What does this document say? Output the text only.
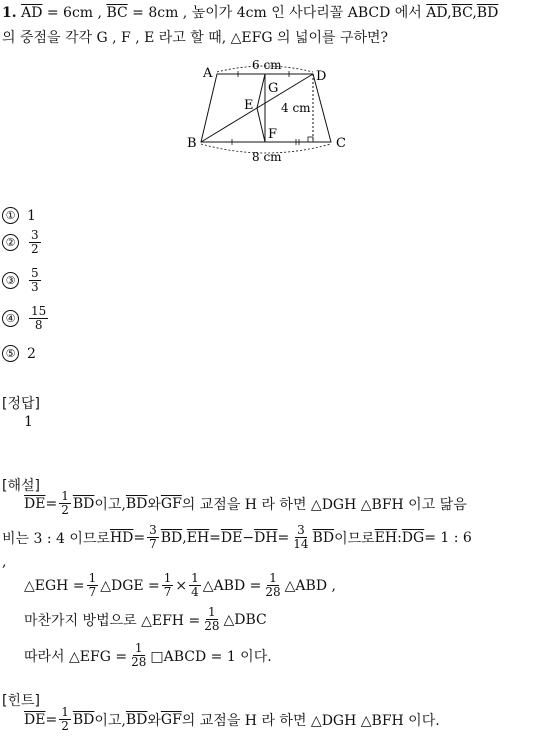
1. $\overline{AD} = 6cm$ , $\overline{BC} = 8cm$ , 높이가 4cm 인 사다리꼴 ABCD 에서 $\overline{AD},\overline{BC},\overline{BD}$
의 중점을 각각 G , F , E 라고 할 때, △EFG 의 넓이를 구하면?
A	D
B	C
E
F
G
6 cm
8 cm
4 cm
① 1
② $\frac{3}{2}$
③ $\frac{5}{3}$
④ $\frac{15}{8}$
⑤ 2
[정답]
1
[해설]
$\overline{DE} = \frac{1}{2} \overline{BD}$ 이고, $\overline{BD}$ 와 $\overline{GF}$ 의 교점을 H 라 하면 △DGH △BFH 이고 닮음
비는 3 : 4 이므로 $\overline{HD} = \frac{3}{7} \overline{BD}$ , $\overline{EH} = \overline{DE} - \overline{DH} = \frac{3}{14} \overline{BD}$ 이므로 $\overline{EH}$ : $\overline{DG} = 1$ : 6
,
△EGH = $\frac{1}{7}$ △DGE = $\frac{1}{7} \times \frac{1}{4}$ △ABD = $\frac{1}{28}$ △ABD ,
마찬가지 방법으로 △EFH = $\frac{1}{28}$ △DBC
따라서 △EFG = $\frac{1}{28}$ □ABCD = 1 이다.
[힌트]
$\overline{DE} = \frac{1}{2} \overline{BD}$ 이고, $\overline{BD}$ 와 $\overline{GF}$ 의 교점을 H 라 하면 △DGH △BFH 이다.
